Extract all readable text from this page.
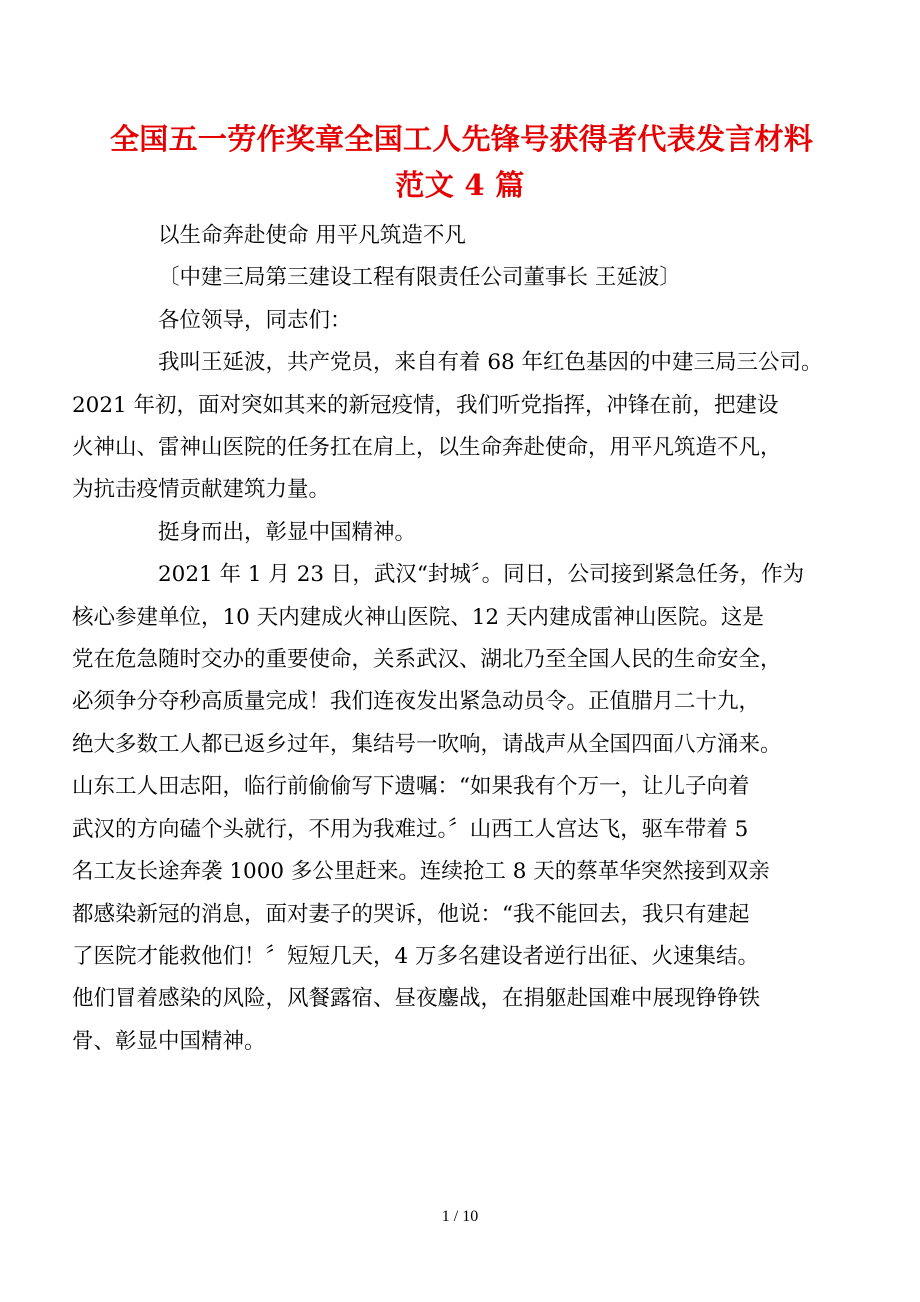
全国五一劳作奖章全国工人先锋号获得者代表发言材料
范文 4 篇

以生命奔赴使命 用平凡筑造不凡

〔中建三局第三建设工程有限责任公司董事长 王延波〕

各位领导，同志们：

我叫王延波，共产党员，来自有着 68 年红色基因的中建三局三公司。
2021 年初，面对突如其来的新冠疫情，我们听党指挥，冲锋在前，把建设
火神山、雷神山医院的任务扛在肩上，以生命奔赴使命，用平凡筑造不凡，
为抗击疫情贡献建筑力量。

挺身而出，彰显中国精神。

2021 年 1 月 23 日，武汉“封城〞。同日，公司接到紧急任务，作为
核心参建单位，10 天内建成火神山医院、12 天内建成雷神山医院。这是
党在危急随时交办的重要使命，关系武汉、湖北乃至全国人民的生命安全，
必须争分夺秒高质量完成！我们连夜发出紧急动员令。正值腊月二十九，
绝大多数工人都已返乡过年，集结号一吹响，请战声从全国四面八方涌来。
山东工人田志阳，临行前偷偷写下遗嘱：“如果我有个万一，让儿子向着
武汉的方向磕个头就行，不用为我难过。〞山西工人宫达飞，驱车带着 5
名工友长途奔袭 1000 多公里赶来。连续抢工 8 天的蔡革华突然接到双亲
都感染新冠的消息，面对妻子的哭诉，他说：“我不能回去，我只有建起
了医院才能救他们！〞短短几天，4 万多名建设者逆行出征、火速集结。
他们冒着感染的风险，风餐露宿、昼夜鏖战，在捐躯赴国难中展现铮铮铁
骨、彰显中国精神。

1 / 10
